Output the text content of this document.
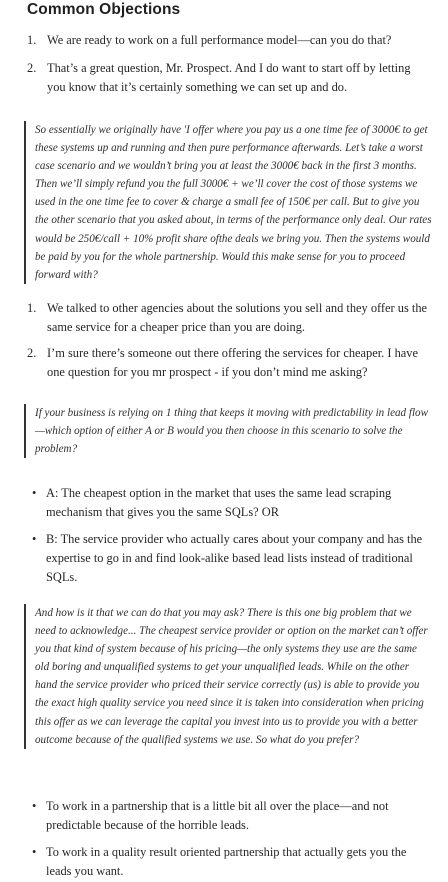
Common Objections
1. We are ready to work on a full performance model—can you do that?
2. That’s a great question, Mr. Prospect. And I do want to start off by letting you know that it’s certainly something we can set up and do.
So essentially we originally have 'I offer where you pay us a one time fee of 3000€ to get these systems up and running and then pure performance afterwards. Let’s take a worst case scenario and we wouldn’t bring you at least the 3000€ back in the first 3 months. Then we’ll simply refund you the full 3000€ + we’ll cover the cost of those systems we used in the one time fee to cover & charge a small fee of 150€ per call. But to give you the other scenario that you asked about, in terms of the performance only deal. Our rates would be 250€/call + 10% profit share ofthe deals we bring you. Then the systems would be paid by you for the whole partnership. Would this make sense for you to proceed forward with?
1. We talked to other agencies about the solutions you sell and they offer us the same service for a cheaper price than you are doing.
2. I’m sure there’s someone out there offering the services for cheaper. I have one question for you mr prospect - if you don’t mind me asking?
If your business is relying on 1 thing that keeps it moving with predictability in lead flow—which option of either A or B would you then choose in this scenario to solve the problem?
• A: The cheapest option in the market that uses the same lead scraping mechanism that gives you the same SQLs? OR
• B: The service provider who actually cares about your company and has the expertise to go in and find look-alike based lead lists instead of traditional SQLs.
And how is it that we can do that you may ask? There is this one big problem that we need to acknowledge... The cheapest service provider or option on the market can’t offer you that kind of system because of his pricing—the only systems they use are the same old boring and unqualified systems to get your unqualified leads. While on the other hand the service provider who priced their service correctly (us) is able to provide you the exact high quality service you need since it is taken into consideration when pricing this offer as we can leverage the capital you invest into us to provide you with a better outcome because of the qualified systems we use. So what do you prefer?
• To work in a partnership that is a little bit all over the place—and not predictable because of the horrible leads.
• To work in a quality result oriented partnership that actually gets you the leads you want.
